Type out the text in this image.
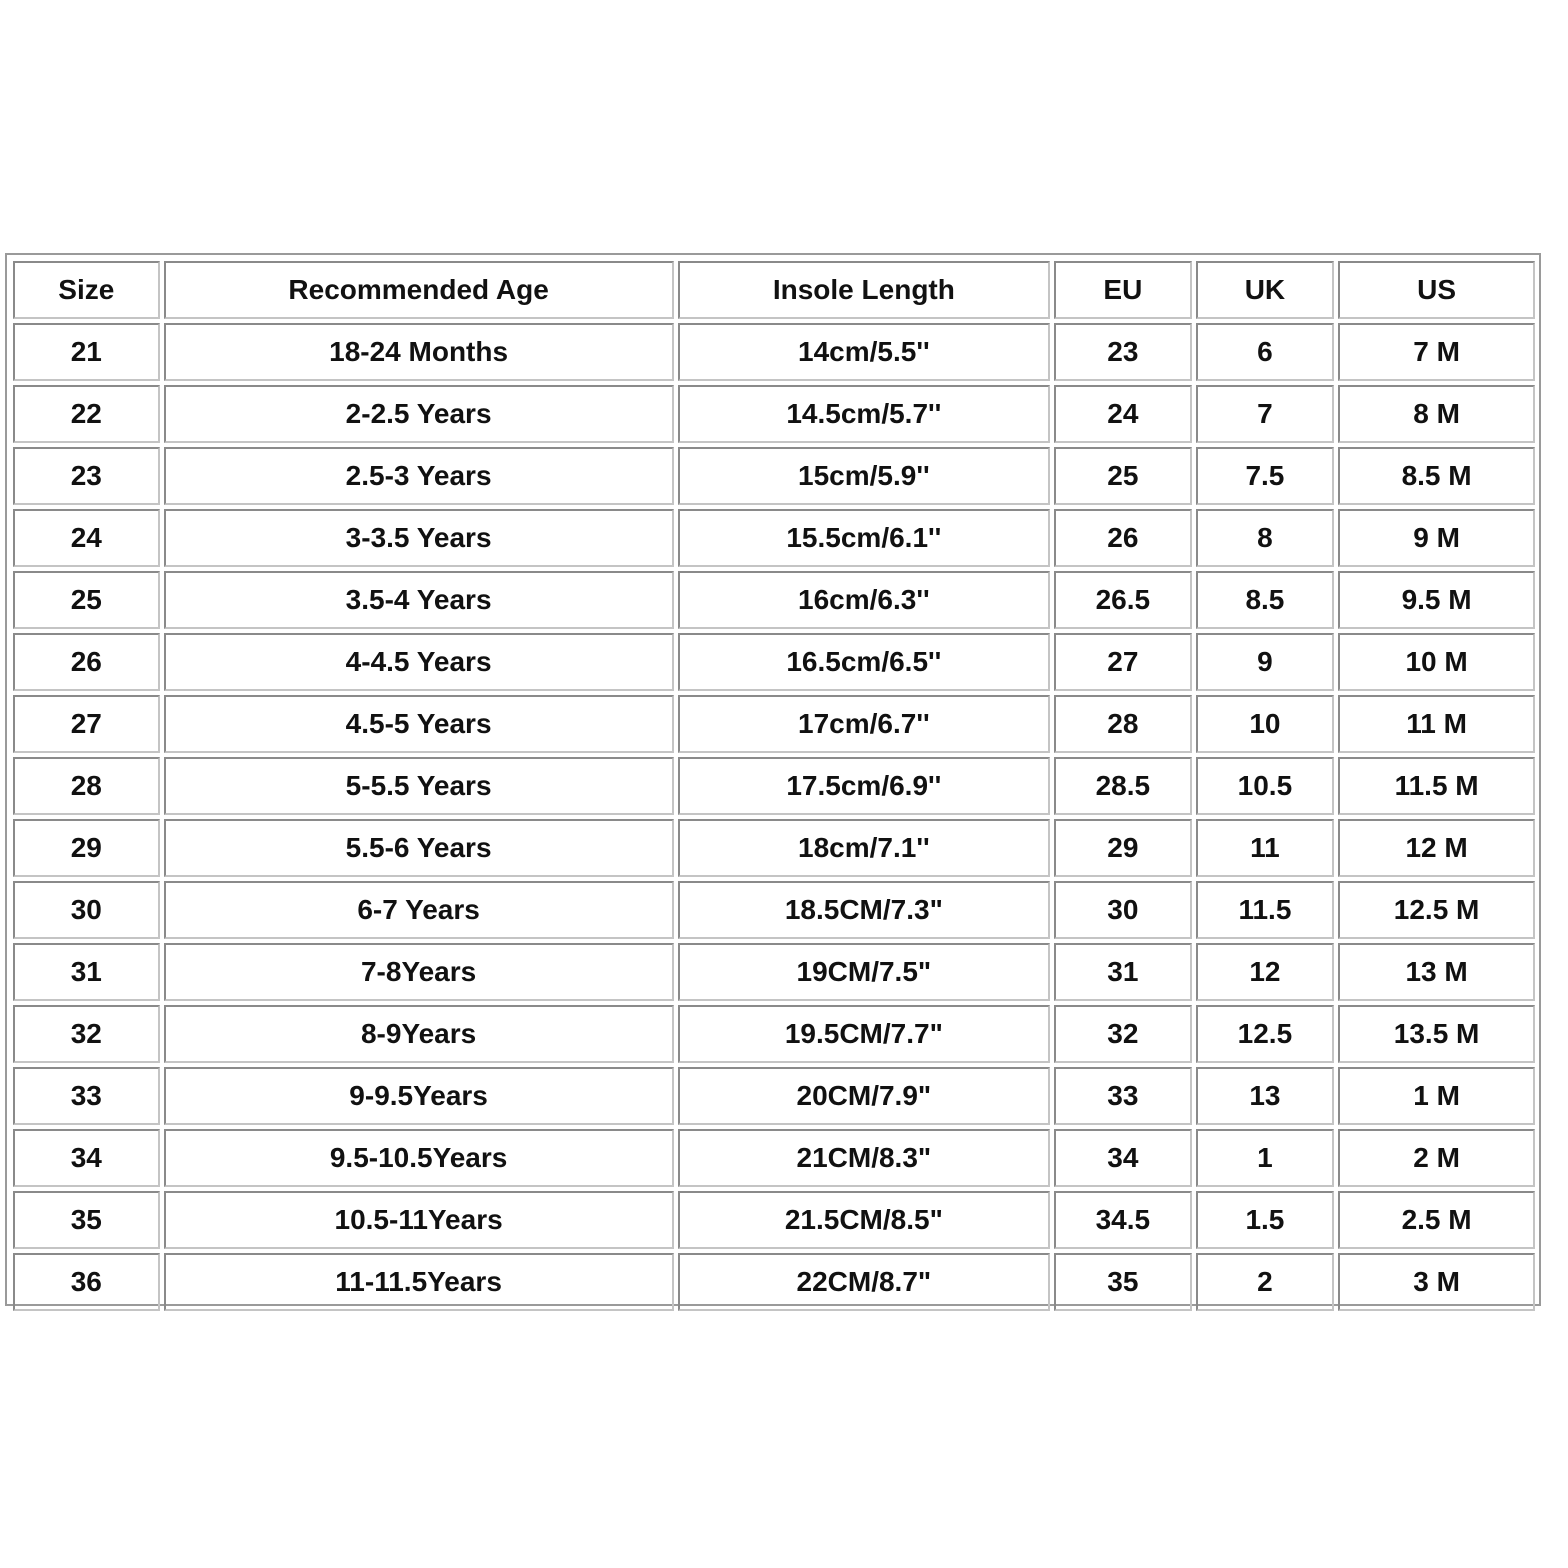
Size	Recommended Age	Insole Length	EU	UK	US
21	18-24 Months	14cm/5.5''	23	6	7 M
22	2-2.5 Years	14.5cm/5.7''	24	7	8 M
23	2.5-3 Years	15cm/5.9''	25	7.5	8.5 M
24	3-3.5 Years	15.5cm/6.1''	26	8	9 M
25	3.5-4 Years	16cm/6.3''	26.5	8.5	9.5 M
26	4-4.5 Years	16.5cm/6.5''	27	9	10 M
27	4.5-5 Years	17cm/6.7''	28	10	11 M
28	5-5.5 Years	17.5cm/6.9''	28.5	10.5	11.5 M
29	5.5-6 Years	18cm/7.1''	29	11	12 M
30	6-7 Years	18.5CM/7.3"	30	11.5	12.5 M
31	7-8Years	19CM/7.5"	31	12	13 M
32	8-9Years	19.5CM/7.7"	32	12.5	13.5 M
33	9-9.5Years	20CM/7.9"	33	13	1 M
34	9.5-10.5Years	21CM/8.3"	34	1	2 M
35	10.5-11Years	21.5CM/8.5"	34.5	1.5	2.5 M
36	11-11.5Years	22CM/8.7"	35	2	3 M
